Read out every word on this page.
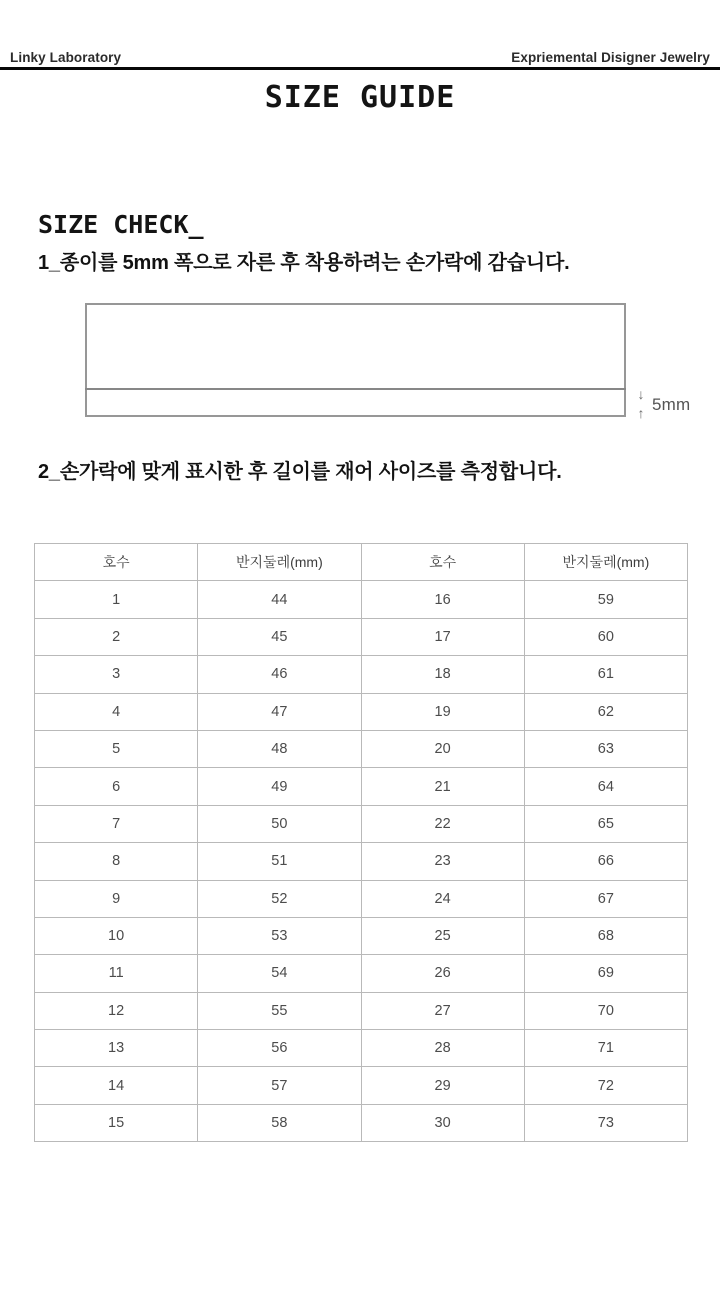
Linky Laboratory	Expriemental Disigner Jewelry
SIZE GUIDE
SIZE CHECK_
1_종이를 5mm 폭으로 자른 후 착용하려는 손가락에 감습니다.
↓
↑ 5mm
2_손가락에 맞게 표시한 후 길이를 재어 사이즈를 측정합니다.
호수	반지둘레(mm)	호수	반지둘레(mm)
1	44	16	59
2	45	17	60
3	46	18	61
4	47	19	62
5	48	20	63
6	49	21	64
7	50	22	65
8	51	23	66
9	52	24	67
10	53	25	68
11	54	26	69
12	55	27	70
13	56	28	71
14	57	29	72
15	58	30	73
